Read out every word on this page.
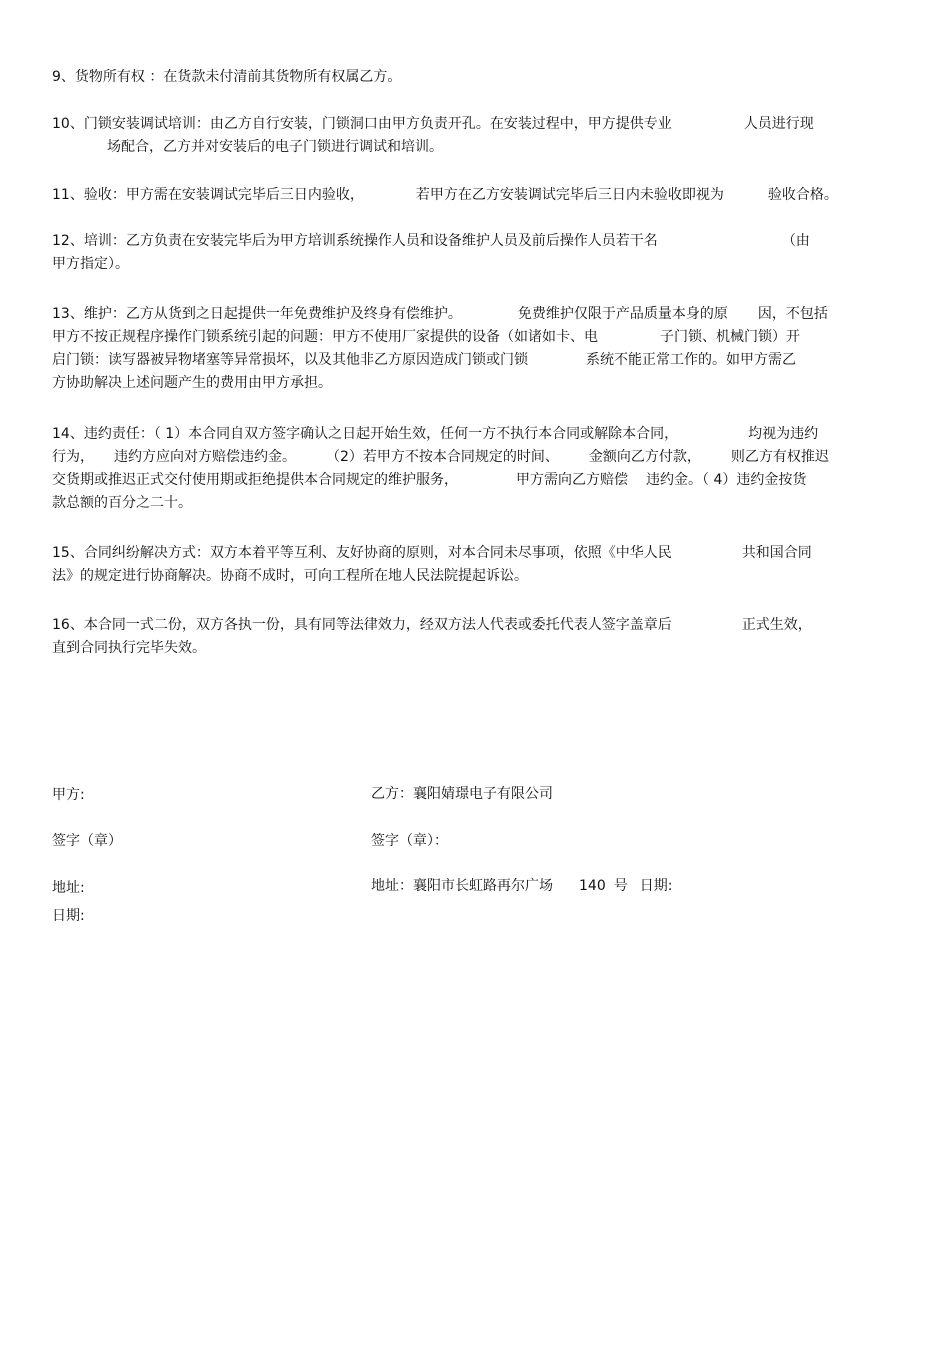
9、货物所有权 ：在货款未付清前其货物所有权属乙方。
10、门锁安装调试培训：由乙方自行安装，门锁洞口由甲方负责开孔。在安装过程中，甲方提供专业	人员进行现
场配合，乙方并对安装后的电子门锁进行调试和培训。
11、验收：甲方需在安装调试完毕后三日内验收，	若甲方在乙方安装调试完毕后三日内未验收即视为	验收合格。
12、培训：乙方负责在安装完毕后为甲方培训系统操作人员和设备维护人员及前后操作人员若干名	（由
甲方指定）。
13、维护：乙方从货到之日起提供一年免费维护及终身有偿维护。	免费维护仅限于产品质量本身的原 因，不包括
甲方不按正规程序操作门锁系统引起的问题：甲方不使用厂家提供的设备（如诸如卡、电	子门锁、机械门锁）开
启门锁：读写器被异物堵塞等异常损坏，以及其他非乙方原因造成门锁或门锁	系统不能正常工作的。如甲方需乙
方协助解决上述问题产生的费用由甲方承担。
14、违约责任：（ 1）本合同自双方签字确认之日起开始生效，任何一方不执行本合同或解除本合同，	均视为违约
行为， 违约方应向对方赔偿违约金。 （2）若甲方不按本合同规定的时间、 金额向乙方付款， 则乙方有权推迟
交货期或推迟正式交付使用期或拒绝提供本合同规定的维护服务，	甲方需向乙方赔偿 违约金。（ 4）违约金按货
款总额的百分之二十。
15、合同纠纷解决方式：双方本着平等互利、友好协商的原则，对本合同未尽事项，依照《中华人民	共和国合同
法》的规定进行协商解决。协商不成时，可向工程所在地人民法院提起诉讼。
16、本合同一式二份，双方各执一份，具有同等法律效力，经双方法人代表或委托代表人签字盖章后	正式生效，
直到合同执行完毕失效。
甲方:	乙方：襄阳婧璟电子有限公司
签字（章）	签字（章）：
地址:	地址：襄阳市长虹路再尔广场 140 号 日期:
日期:
